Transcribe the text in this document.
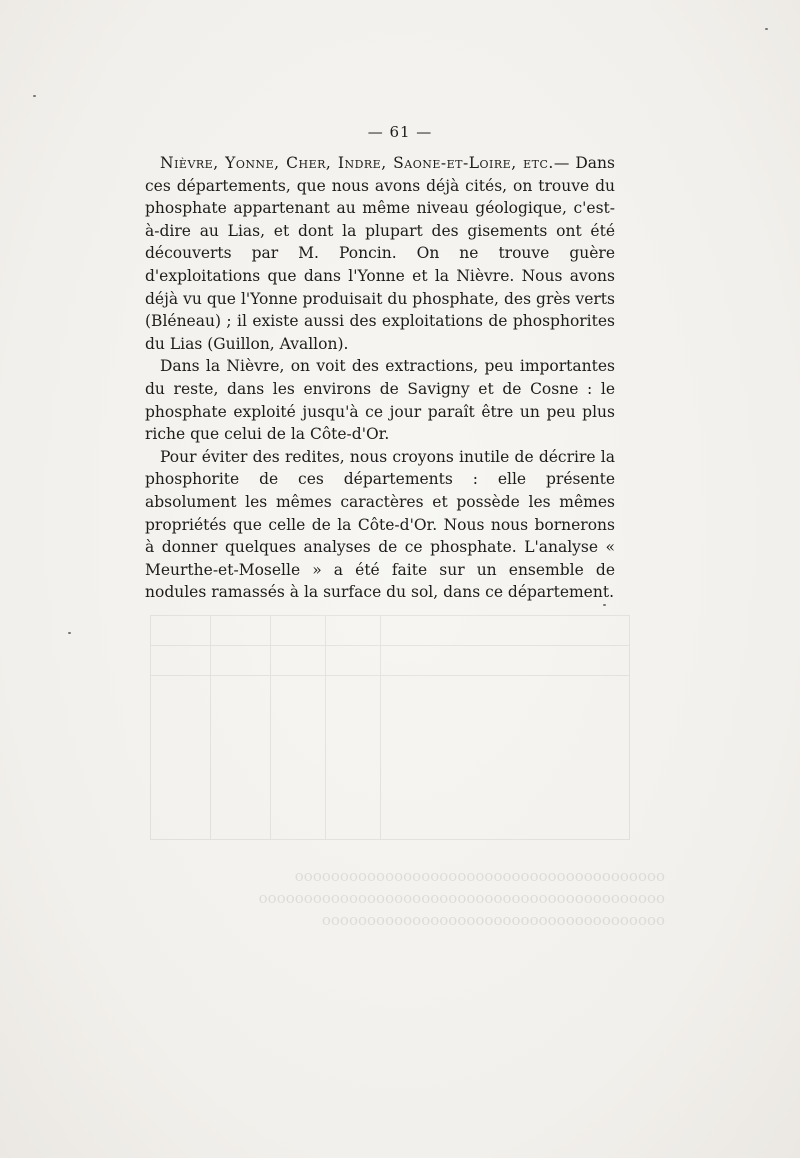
ooooooooooooooooooooooooooooooooooooooooo
ooooooooooooooooooooooooooooooooooooooooooooo
oooooooooooooooooooooooooooooooooooooo
— 61 —

Nièvre, Yonne, Cher, Indre, Saone-et-Loire, etc.— Dans ces départements, que nous avons déjà cités, on trouve du phosphate appartenant au même niveau géologique, c'est-à-dire au Lias, et dont la plupart des gisements ont été découverts par M. Poncin. On ne trouve guère d'exploitations que dans l'Yonne et la Nièvre. Nous avons déjà vu que l'Yonne produisait du phosphate, des grès verts (Bléneau) ; il existe aussi des exploitations de phosphorites du Lias (Guillon, Avallon).

Dans la Nièvre, on voit des extractions, peu importantes du reste, dans les environs de Savigny et de Cosne : le phosphate exploité jusqu'à ce jour paraît être un peu plus riche que celui de la Côte-d'Or.

Pour éviter des redites, nous croyons inutile de décrire la phosphorite de ces départements : elle présente absolument les mêmes caractères et possède les mêmes propriétés que celle de la Côte-d'Or. Nous nous bornerons à donner quelques analyses de ce phosphate. L'analyse « Meurthe-et-Moselle » a été faite sur un ensemble de nodules ramassés à la surface du sol, dans ce département.
